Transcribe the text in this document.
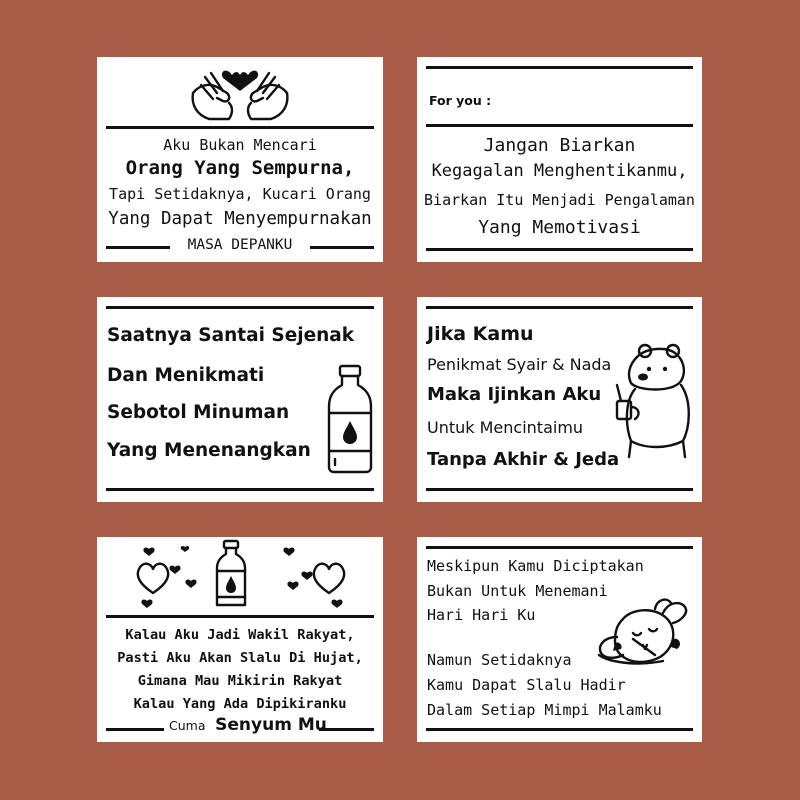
Aku Bukan Mencari
Orang Yang Sempurna,
Tapi Setidaknya, Kucari Orang
Yang Dapat Menyempurnakan
MASA DEPANKU
For you :
Jangan Biarkan
Kegagalan Menghentikanmu,
Biarkan Itu Menjadi Pengalaman
Yang Memotivasi
Saatnya Santai Sejenak
Dan Menikmati
Sebotol Minuman
Yang Menenangkan
Jika Kamu
Penikmat Syair & Nada
Maka Ijinkan Aku
Untuk Mencintaimu
Tanpa Akhir & Jeda
Kalau Aku Jadi Wakil Rakyat,
Pasti Aku Akan Slalu Di Hujat,
Gimana Mau Mikirin Rakyat
Kalau Yang Ada Dipikiranku
Cuma Senyum Mu
Meskipun Kamu Diciptakan
Bukan Untuk Menemani
Hari Hari Ku
Namun Setidaknya
Kamu Dapat Slalu Hadir
Dalam Setiap Mimpi Malamku
